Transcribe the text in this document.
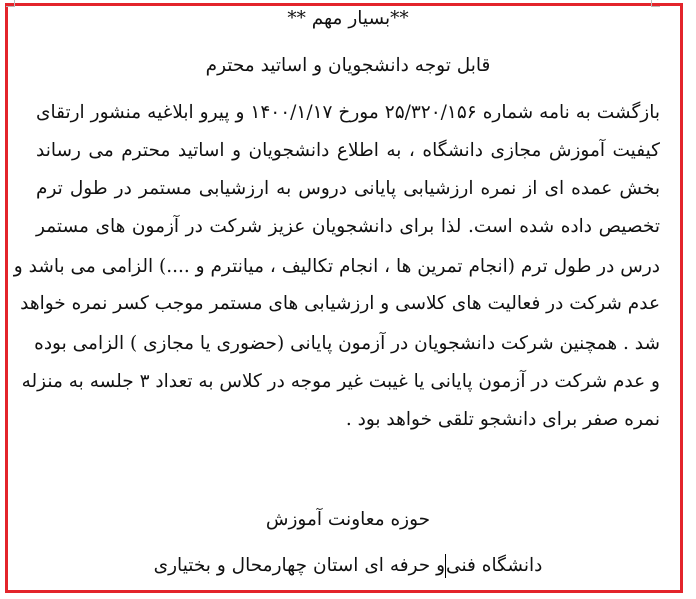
**بسیار مهم **
قابل توجه دانشجویان و اساتید محترم
بازگشت به نامه شماره ۲۵/۳۲۰/۱۵۶ مورخ ۱۴۰۰/۱/۱۷ و پیرو ابلاغیه منشور ارتقای
کیفیت آموزش مجازی دانشگاه ، به اطلاع دانشجویان و اساتید محترم می رساند
بخش عمده ای از نمره ارزشیابی پایانی دروس به ارزشیابی مستمر در طول ترم
تخصیص داده شده است. لذا برای دانشجویان عزیز شرکت در آزمون های مستمر
درس در طول ترم (انجام تمرین ها ، انجام تکالیف ، میانترم و ....) الزامی می باشد و
عدم شرکت در فعالیت های کلاسی و ارزشیابی های مستمر موجب کسر نمره خواهد
شد . همچنین شرکت دانشجویان در آزمون پایانی (حضوری یا مجازی ) الزامی بوده
و عدم شرکت در آزمون پایانی یا غیبت غیر موجه در کلاس به تعداد ۳ جلسه به منزله
نمره صفر برای دانشجو تلقی خواهد بود .
حوزه معاونت آموزش
دانشگاه فنیو حرفه ای استان چهارمحال و بختیاری
